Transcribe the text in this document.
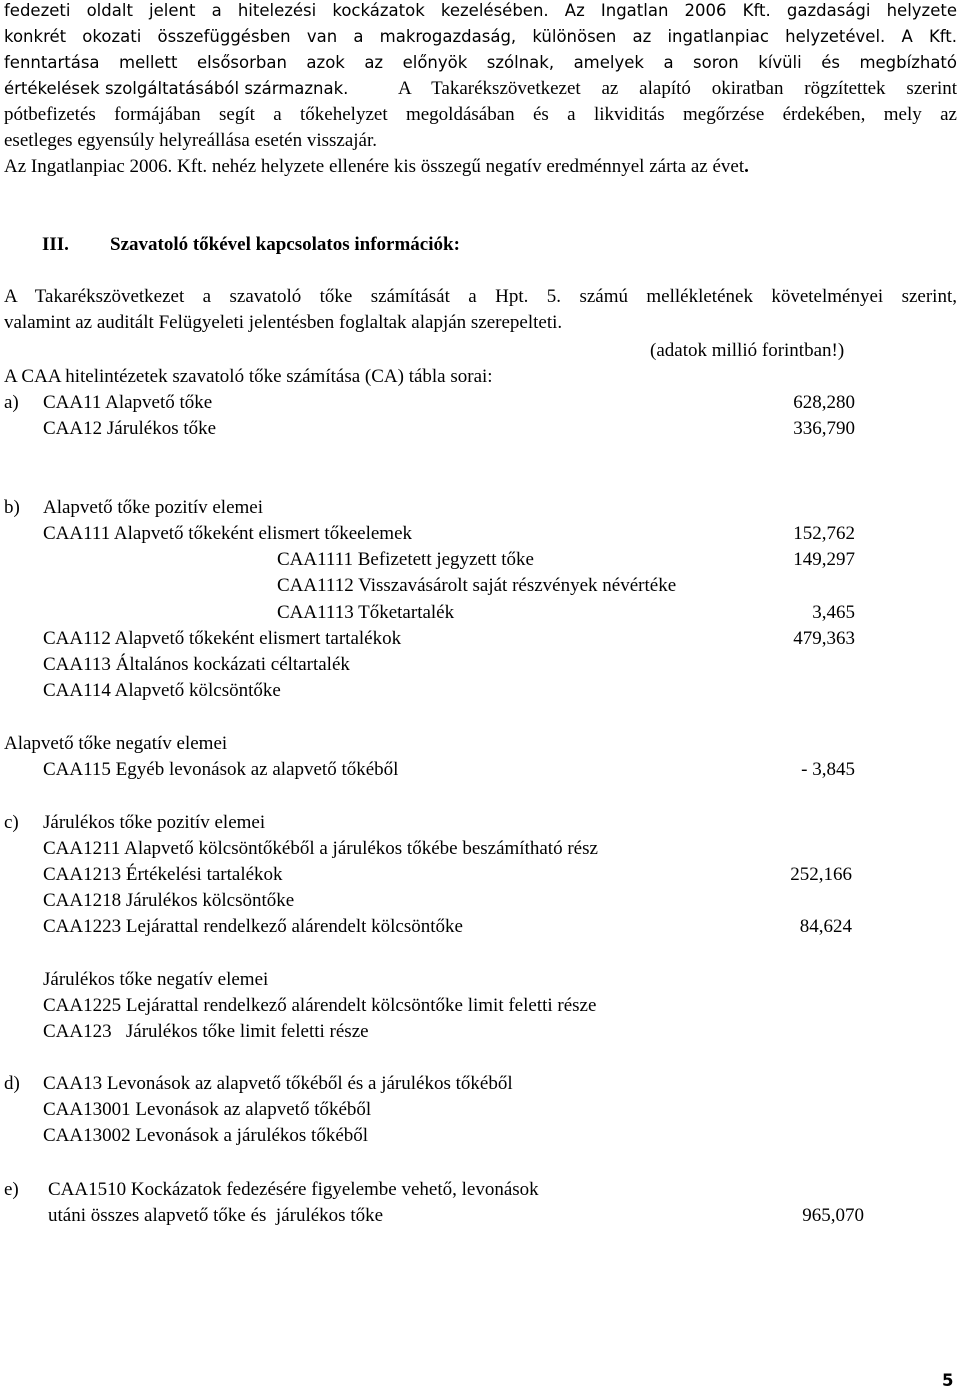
fedezeti oldalt jelent a hitelezési kockázatok kezelésében. Az Ingatlan 2006 Kft. gazdasági helyzete
konkrét okozati összefüggésben van a makrogazdaság, különösen az ingatlanpiac helyzetével. A Kft.
fenntartása mellett elsősorban azok az előnyök szólnak, amelyek a soron kívüli és megbízható
értékelések szolgáltatásából származnak.	A Takarékszövetkezet az alapító okiratban rögzítettek szerint
pótbefizetés formájában segít a tőkehelyzet megoldásában és a likviditás megőrzése érdekében, mely az
esetleges egyensúly helyreállása esetén visszajár.
Az Ingatlanpiac 2006. Kft. nehéz helyzete ellenére kis összegű negatív eredménnyel zárta az évet.
III. Szavatoló tőkével kapcsolatos információk:
A Takarékszövetkezet a szavatoló tőke számítását a Hpt. 5. számú mellékletének követelményei szerint,
valamint az auditált Felügyeleti jelentésben foglaltak alapján szerepelteti.
(adatok millió forintban!)
A CAA hitelintézetek szavatoló tőke számítása (CA) tábla sorai:
a) CAA11 Alapvető tőke	628,280
CAA12 Járulékos tőke	336,790
b) Alapvető tőke pozitív elemei
CAA111 Alapvető tőkeként elismert tőkeelemek	152,762
CAA1111 Befizetett jegyzett tőke	149,297
CAA1112 Visszavásárolt saját részvények névértéke
CAA1113 Tőketartalék	3,465
CAA112 Alapvető tőkeként elismert tartalékok	479,363
CAA113 Általános kockázati céltartalék
CAA114 Alapvető kölcsöntőke
Alapvető tőke negatív elemei
CAA115 Egyéb levonások az alapvető tőkéből	- 3,845
c) Járulékos tőke pozitív elemei
CAA1211 Alapvető kölcsöntőkéből a járulékos tőkébe beszámítható rész
CAA1213 Értékelési tartalékok	252,166
CAA1218 Járulékos kölcsöntőke
CAA1223 Lejárattal rendelkező alárendelt kölcsöntőke	84,624
Járulékos tőke negatív elemei
CAA1225 Lejárattal rendelkező alárendelt kölcsöntőke limit feletti része
CAA123   Járulékos tőke limit feletti része
d) CAA13 Levonások az alapvető tőkéből és a járulékos tőkéből
CAA13001 Levonások az alapvető tőkéből
CAA13002 Levonások a járulékos tőkéből
e) CAA1510 Kockázatok fedezésére figyelembe vehető, levonások
utáni összes alapvető tőke és  járulékos tőke	965,070
5
